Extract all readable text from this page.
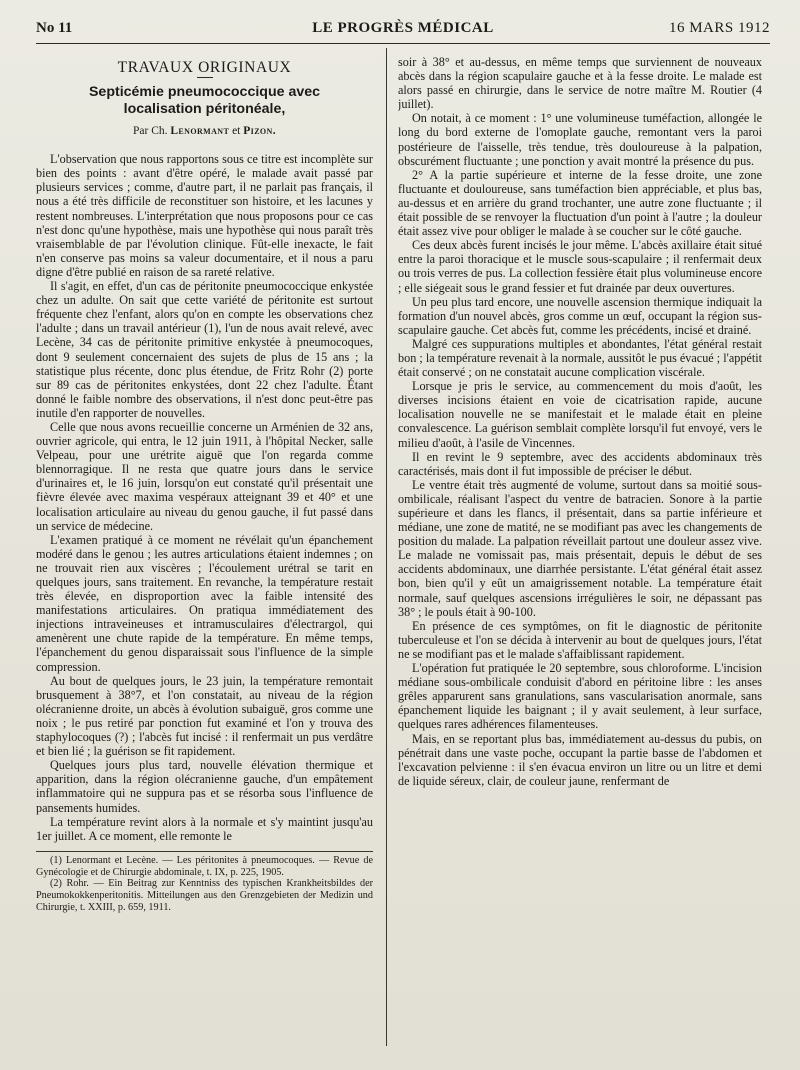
No 11	LE PROGRÈS MÉDICAL	16 MARS 1912
TRAVAUX ORIGINAUX
Septicémie pneumococcique avec
localisation péritonéale,
Par Ch. Lenormant et Pizon.

L'observation que nous rapportons sous ce titre est incomplète sur bien des points : avant d'être opéré, le malade avait passé par plusieurs services ; comme, d'autre part, il ne parlait pas français, il nous a été très difficile de reconstituer son histoire, et les lacunes y restent nombreuses. L'interprétation que nous proposons pour ce cas n'est donc qu'une hypothèse, mais une hypothèse qui nous paraît très vraisemblable de par l'évolution clinique. Fût-elle inexacte, le fait n'en conserve pas moins sa valeur documentaire, et il nous a paru digne d'être publié en raison de sa rareté relative.

Il s'agit, en effet, d'un cas de péritonite pneumococcique enkystée chez un adulte. On sait que cette variété de péritonite est surtout fréquente chez l'enfant, alors qu'on en compte les observations chez l'adulte ; dans un travail antérieur (1), l'un de nous avait relevé, avec Lecène, 34 cas de péritonite primitive enkystée à pneumocoques, dont 9 seulement concernaient des sujets de plus de 15 ans ; la statistique plus récente, donc plus étendue, de Fritz Rohr (2) porte sur 89 cas de péritonites enkystées, dont 22 chez l'adulte. Étant donné le faible nombre des observations, il n'est donc peut-être pas inutile d'en rapporter de nouvelles.

Celle que nous avons recueillie concerne un Arménien de 32 ans, ouvrier agricole, qui entra, le 12 juin 1911, à l'hôpital Necker, salle Velpeau, pour une urétrite aiguë que l'on regarda comme blennorragique. Il ne resta que quatre jours dans le service d'urinaires et, le 16 juin, lorsqu'on eut constaté qu'il présentait une fièvre élevée avec maxima vespéraux atteignant 39 et 40° et une localisation articulaire au niveau du genou gauche, il fut passé dans un service de médecine.

L'examen pratiqué à ce moment ne révélait qu'un épanchement modéré dans le genou ; les autres articulations étaient indemnes ; on ne trouvait rien aux viscères ; l'écoulement urétral se tarit en quelques jours, sans traitement. En revanche, la température restait très élevée, en disproportion avec la faible intensité des manifestations articulaires. On pratiqua immédiatement des injections intraveineuses et intramusculaires d'électrargol, qui amenèrent une chute rapide de la température. En même temps, l'épanchement du genou disparaissait sous l'influence de la simple compression.

Au bout de quelques jours, le 23 juin, la température remontait brusquement à 38°7, et l'on constatait, au niveau de la région olécranienne droite, un abcès à évolution subaiguë, gros comme une noix ; le pus retiré par ponction fut examiné et l'on y trouva des staphylocoques (?) ; l'abcès fut incisé : il renfermait un pus verdâtre et bien lié ; la guérison se fit rapidement.

Quelques jours plus tard, nouvelle élévation thermique et apparition, dans la région olécranienne gauche, d'un empâtement inflammatoire qui ne suppura pas et se résorba sous l'influence de pansements humides.

La température revint alors à la normale et s'y maintint jusqu'au 1er juillet. A ce moment, elle remonte le

(1) Lenormant et Lecène. — Les péritonites à pneumocoques. — Revue de Gynécologie et de Chirurgie abdominale, t. IX, p. 225, 1905.

(2) Rohr. — Ein Beitrag zur Kenntniss des typischen Krankheitsbildes der Pneumokokkenperitonitis. Mitteilungen aus den Grenzgebieten der Medizin und Chirurgie, t. XXIII, p. 659, 1911.

soir à 38° et au-dessus, en même temps que surviennent de nouveaux abcès dans la région scapulaire gauche et à la fesse droite. Le malade est alors passé en chirurgie, dans le service de notre maître M. Routier (4 juillet).

On notait, à ce moment : 1° une volumineuse tuméfaction, allongée le long du bord externe de l'omoplate gauche, remontant vers la paroi postérieure de l'aisselle, très tendue, très douloureuse à la palpation, obscurément fluctuante ; une ponction y avait montré la présence du pus.

2° A la partie supérieure et interne de la fesse droite, une zone fluctuante et douloureuse, sans tuméfaction bien appréciable, et plus bas, au-dessus et en arrière du grand trochanter, une autre zone fluctuante ; il était possible de se renvoyer la fluctuation d'un point à l'autre ; la douleur était assez vive pour obliger le malade à se coucher sur le côté gauche.

Ces deux abcès furent incisés le jour même. L'abcès axillaire était situé entre la paroi thoracique et le muscle sous-scapulaire ; il renfermait deux ou trois verres de pus. La collection fessière était plus volumineuse encore ; elle siégeait sous le grand fessier et fut drainée par deux ouvertures.

Un peu plus tard encore, une nouvelle ascension thermique indiquait la formation d'un nouvel abcès, gros comme un œuf, occupant la région sus-scapulaire gauche. Cet abcès fut, comme les précédents, incisé et drainé.

Malgré ces suppurations multiples et abondantes, l'état général restait bon ; la température revenait à la normale, aussitôt le pus évacué ; l'appétit était conservé ; on ne constatait aucune complication viscérale.

Lorsque je pris le service, au commencement du mois d'août, les diverses incisions étaient en voie de cicatrisation rapide, aucune localisation nouvelle ne se manifestait et le malade était en pleine convalescence. La guérison semblait complète lorsqu'il fut envoyé, vers le milieu d'août, à l'asile de Vincennes.

Il en revint le 9 septembre, avec des accidents abdominaux très caractérisés, mais dont il fut impossible de préciser le début.

Le ventre était très augmenté de volume, surtout dans sa moitié sous-ombilicale, réalisant l'aspect du ventre de batracien. Sonore à la partie supérieure et dans les flancs, il présentait, dans sa partie inférieure et médiane, une zone de matité, ne se modifiant pas avec les changements de position du malade. La palpation réveillait partout une douleur assez vive. Le malade ne vomissait pas, mais présentait, depuis le début de ses accidents abdominaux, une diarrhée persistante. L'état général était assez bon, bien qu'il y eût un amaigrissement notable. La température était normale, sauf quelques ascensions irrégulières le soir, ne dépassant pas 38° ; le pouls était à 90-100.

En présence de ces symptômes, on fit le diagnostic de péritonite tuberculeuse et l'on se décida à intervenir au bout de quelques jours, l'état ne se modifiant pas et le malade s'affaiblissant rapidement.

L'opération fut pratiquée le 20 septembre, sous chloroforme. L'incision médiane sous-ombilicale conduisit d'abord en péritoine libre : les anses grêles apparurent sans granulations, sans vascularisation anormale, sans épanchement liquide les baignant ; il y avait seulement, à leur surface, quelques rares adhérences filamenteuses.

Mais, en se reportant plus bas, immédiatement au-dessus du pubis, on pénétrait dans une vaste poche, occupant la partie basse de l'abdomen et l'excavation pelvienne : il s'en évacua environ un litre ou un litre et demi de liquide séreux, clair, de couleur jaune, renfermant de
